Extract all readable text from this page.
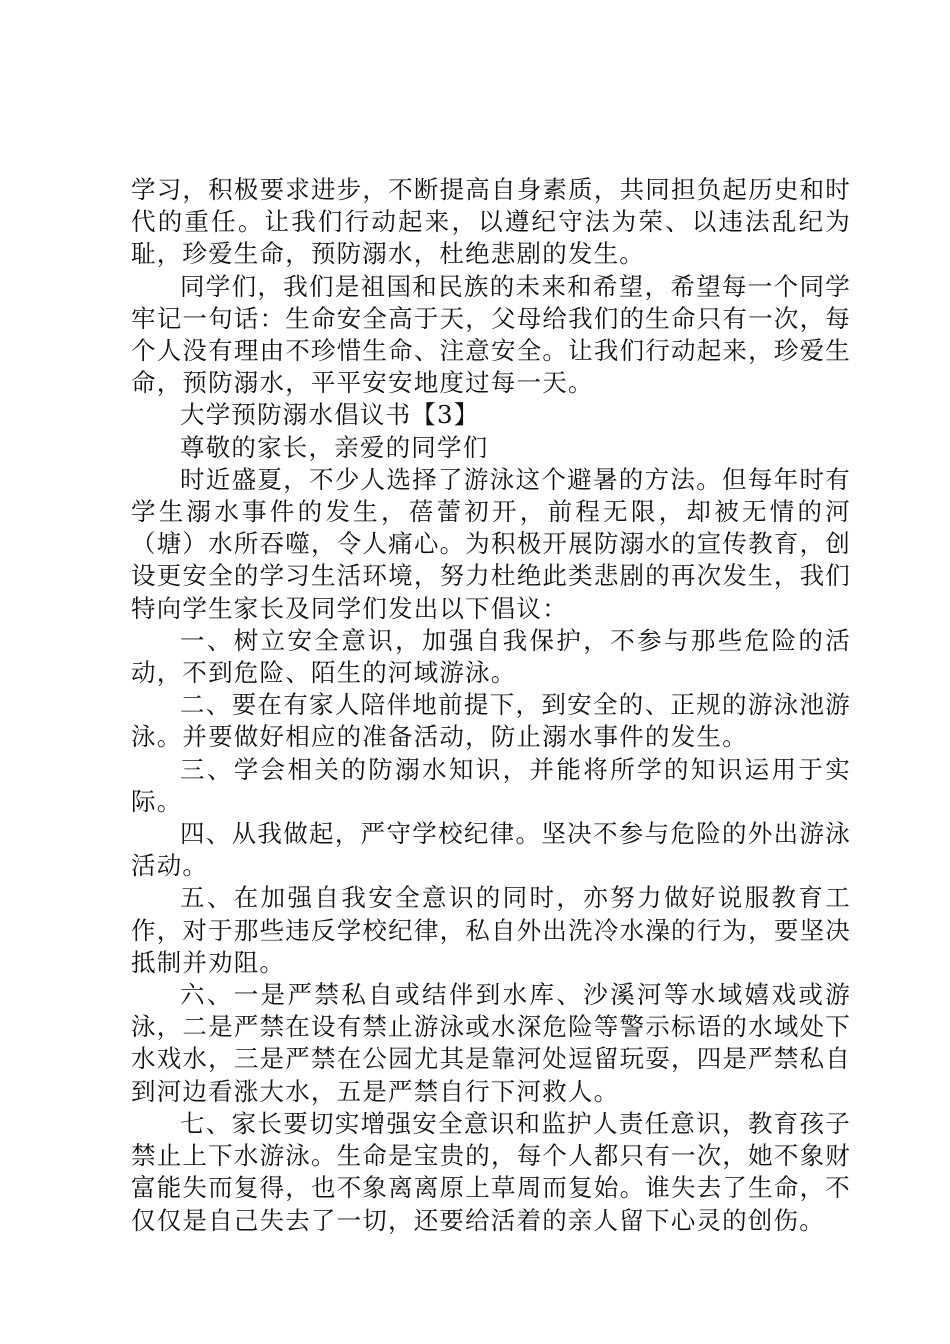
学习，积极要求进步，不断提高自身素质，共同担负起历史和时代的重任。让我们行动起来，以遵纪守法为荣、以违法乱纪为耻，珍爱生命，预防溺水，杜绝悲剧的发生。

同学们，我们是祖国和民族的未来和希望，希望每一个同学牢记一句话：生命安全高于天，父母给我们的生命只有一次，每个人没有理由不珍惜生命、注意安全。让我们行动起来，珍爱生命，预防溺水，平平安安地度过每一天。

大学预防溺水倡议书【3】

尊敬的家长，亲爱的同学们

时近盛夏，不少人选择了游泳这个避暑的方法。但每年时有学生溺水事件的发生，蓓蕾初开，前程无限，却被无情的河（塘）水所吞噬，令人痛心。为积极开展防溺水的宣传教育，创设更安全的学习生活环境，努力杜绝此类悲剧的再次发生，我们特向学生家长及同学们发出以下倡议：

一、树立安全意识，加强自我保护，不参与那些危险的活动，不到危险、陌生的河域游泳。

二、要在有家人陪伴地前提下，到安全的、正规的游泳池游泳。并要做好相应的准备活动，防止溺水事件的发生。

三、学会相关的防溺水知识，并能将所学的知识运用于实际。

四、从我做起，严守学校纪律。坚决不参与危险的外出游泳活动。

五、在加强自我安全意识的同时，亦努力做好说服教育工作，对于那些违反学校纪律，私自外出洗冷水澡的行为，要坚决抵制并劝阻。

六、一是严禁私自或结伴到水库、沙溪河等水域嬉戏或游泳，二是严禁在设有禁止游泳或水深危险等警示标语的水域处下水戏水，三是严禁在公园尤其是靠河处逗留玩耍，四是严禁私自到河边看涨大水，五是严禁自行下河救人。

七、家长要切实增强安全意识和监护人责任意识，教育孩子禁止上下水游泳。生命是宝贵的，每个人都只有一次，她不象财富能失而复得，也不象离离原上草周而复始。谁失去了生命，不仅仅是自己失去了一切，还要给活着的亲人留下心灵的创伤。
